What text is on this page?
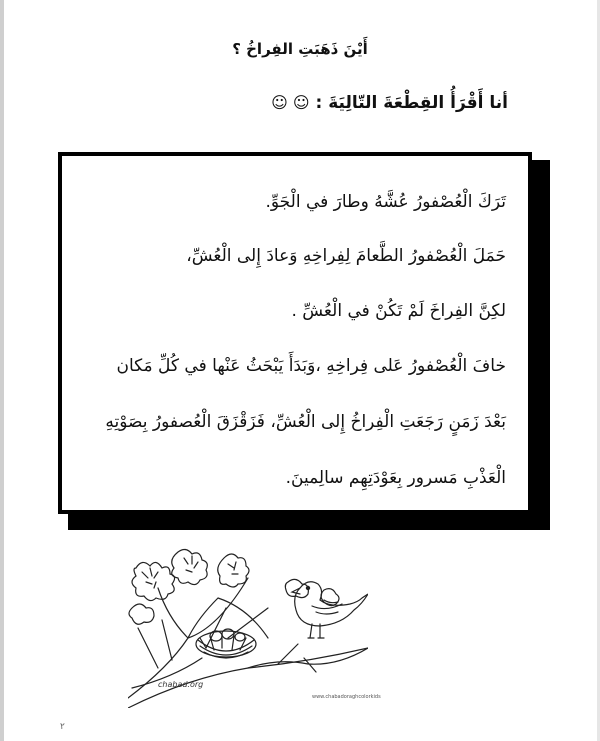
أَيْنَ ذَهَبَتِ الفِراخُ ؟
أنا أَقْرَأُ القِطْعَةَ التّالِيَةَ : ☺ ☺
تَرَكَ الْعُصْفورُ عُشَّهُ وطارَ في الْجَوِّ.
حَمَلَ الْعُصْفورُ الطَّعامَ لِفِراخِهِ وَعادَ إِلى الْعُشِّ،
لكِنَّ الفِراخَ لَمْ تَكُنْ في الْعُشِّ .
خافَ الْعُصْفورُ عَلى فِراخِهِ ،وَبَدَأَ يَبْحَثُ عَنْها في كُلِّ مَكان
بَعْدَ زَمَنٍ رَجَعَتِ الْفِراخُ إِلى الْعُشِّ، فَزَقْزَقَ الْعُصفورُ بِصَوْتِهِ
الْعَذْبِ مَسرور بِعَوْدَتِهِم سالِمينَ.
chabad.org
www.chabadoraghcolorkids
٢
